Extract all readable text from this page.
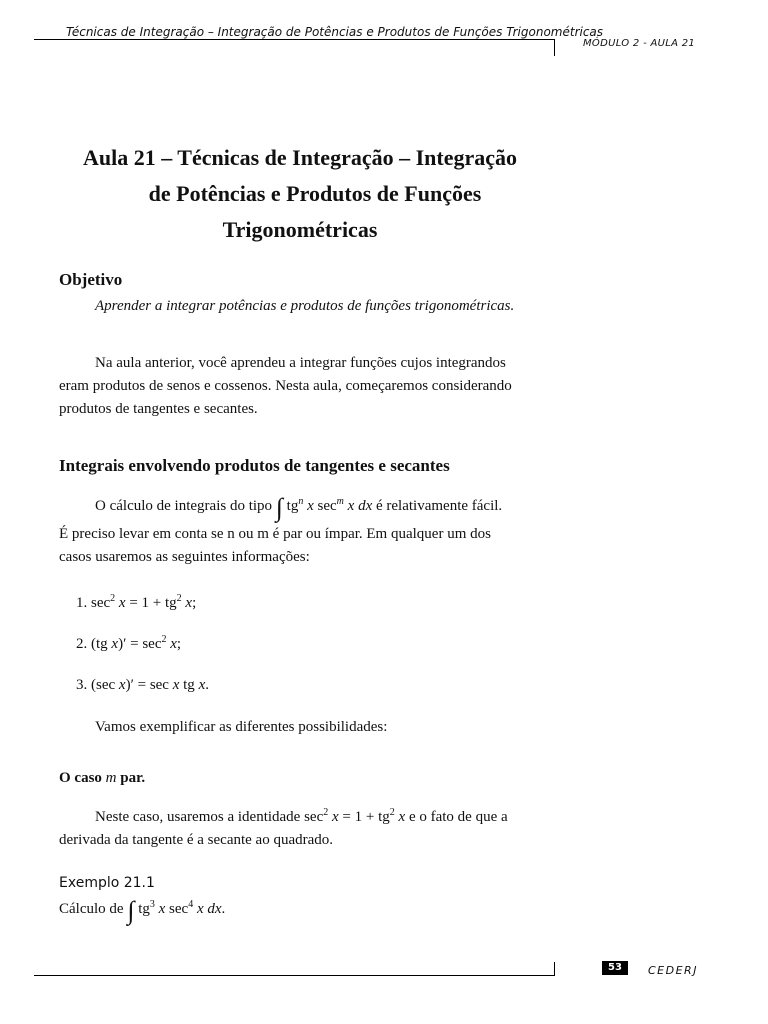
Técnicas de Integração – Integração de Potências e Produtos de Funções Trigonométricas
MÓDULO 2 - AULA 21
Aula 21 – Técnicas de Integração – Integração
de Potências e Produtos de Funções
Trigonométricas
Objetivo
Aprender a integrar potências e produtos de funções trigonométricas.
Na aula anterior, você aprendeu a integrar funções cujos integrandos
eram produtos de senos e cossenos. Nesta aula, começaremos considerando
produtos de tangentes e secantes.
Integrais envolvendo produtos de tangentes e secantes
O cálculo de integrais do tipo ∫ $tg^n$ x $\sec^m x$ dx é relativamente fácil.
É preciso levar em conta se n ou m é par ou ímpar. Em qualquer um dos
casos usaremos as seguintes informações:
1. $\sec^2 x = 1 + tg^2$ x;
2. (tg $x)' = \sec^2 x$;
3. (sec x)′ = sec x tg x.
Vamos exemplificar as diferentes possibilidades:
O caso m par.
Neste caso, usaremos a identidade $\sec^2 x = 1 + tg^2$ x e o fato de que a
derivada da tangente é a secante ao quadrado.
Exemplo 21.1
Cálculo de ∫ $tg^3$ x $\sec^4 x$ dx.
53	CEDERJ
